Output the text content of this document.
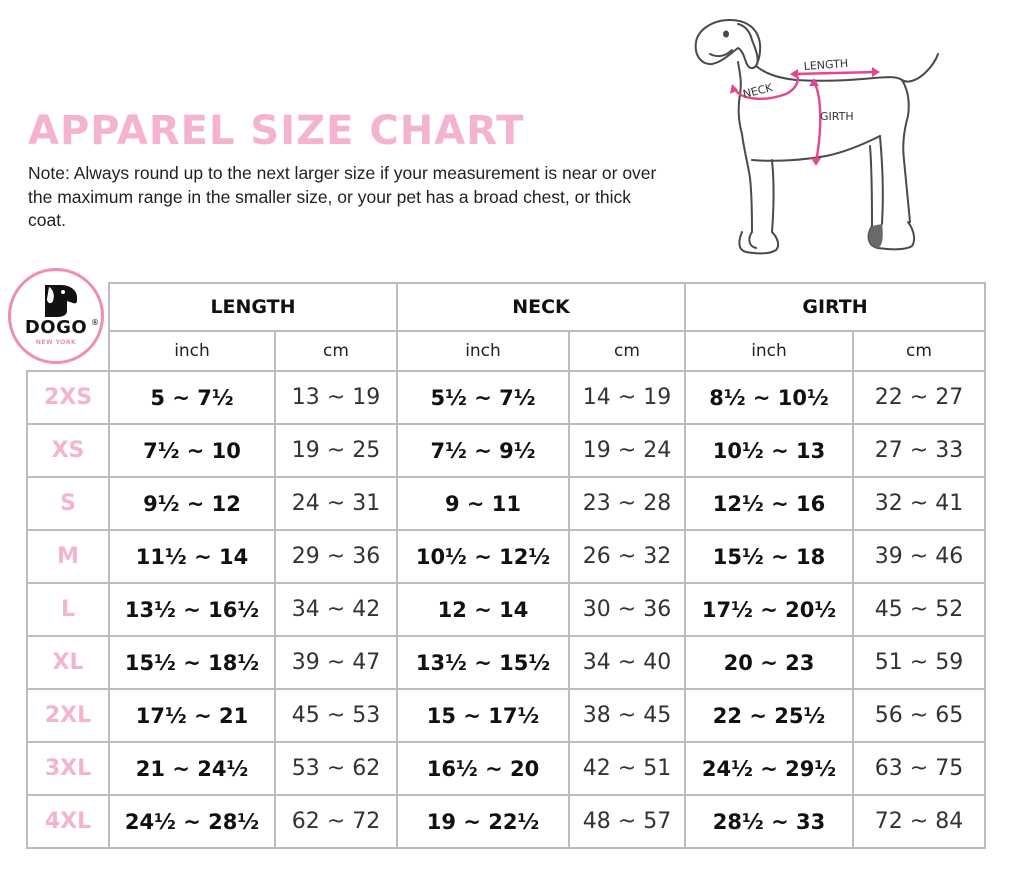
APPAREL SIZE CHART

Note: Always round up to the next larger size if your measurement is near or over the maximum range in the smaller size, or your pet has a broad chest, or thick coat.

NECK
LENGTH
GIRTH
DOGO ®
NEW YORK
	LENGTH		NECK		GIRTH	
	inch	cm	inch	cm	inch	cm
2XS	5 ~ 7½	13 ~ 19	5½ ~ 7½	14 ~ 19	8½ ~ 10½	22 ~ 27
XS	7½ ~ 10	19 ~ 25	7½ ~ 9½	19 ~ 24	10½ ~ 13	27 ~ 33
S	9½ ~ 12	24 ~ 31	9 ~ 11	23 ~ 28	12½ ~ 16	32 ~ 41
M	11½ ~ 14	29 ~ 36	10½ ~ 12½	26 ~ 32	15½ ~ 18	39 ~ 46
L	13½ ~ 16½	34 ~ 42	12 ~ 14	30 ~ 36	17½ ~ 20½	45 ~ 52
XL	15½ ~ 18½	39 ~ 47	13½ ~ 15½	34 ~ 40	20 ~ 23	51 ~ 59
2XL	17½ ~ 21	45 ~ 53	15 ~ 17½	38 ~ 45	22 ~ 25½	56 ~ 65
3XL	21 ~ 24½	53 ~ 62	16½ ~ 20	42 ~ 51	24½ ~ 29½	63 ~ 75
4XL	24½ ~ 28½	62 ~ 72	19 ~ 22½	48 ~ 57	28½ ~ 33	72 ~ 84
